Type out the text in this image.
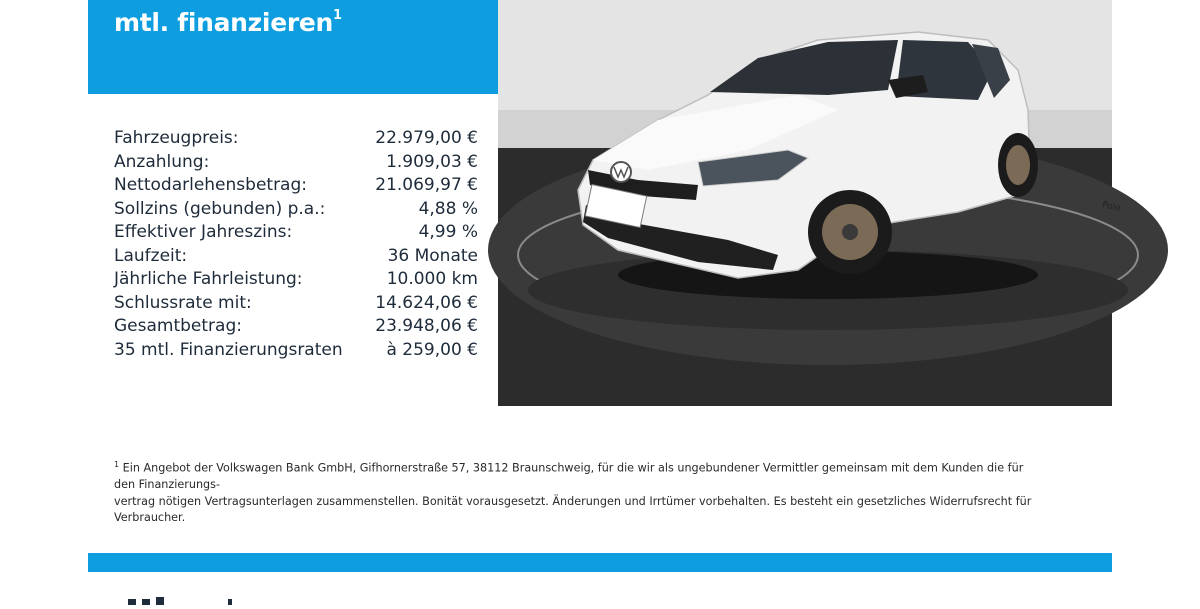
mtl. finanzieren$^1$
Fahrzeugpreis:	22.979,00 €
Anzahlung:	1.909,03 €
Nettodarlehensbetrag:	21.069,97 €
Sollzins (gebunden) p.a.:	4,88 %
Effektiver Jahreszins:	4,99 %
Laufzeit:	36 Monate
Jährliche Fahrleistung:	10.000 km
Schlussrate mit:	14.624,06 €
Gesamtbetrag:	23.948,06 €
35 mtl. Finanzierungsraten	à 259,00 €
Polo
$^1$ Ein Angebot der Volkswagen Bank GmbH, Gifhornerstraße 57, 38112 Braunschweig, für die wir als ungebundener Vermittler gemeinsam mit dem Kunden die für den Finanzierungs-
vertrag nötigen Vertragsunterlagen zusammenstellen. Bonität vorausgesetzt. Änderungen und Irrtümer vorbehalten. Es besteht ein gesetzliches Widerrufsrecht für Verbraucher.
